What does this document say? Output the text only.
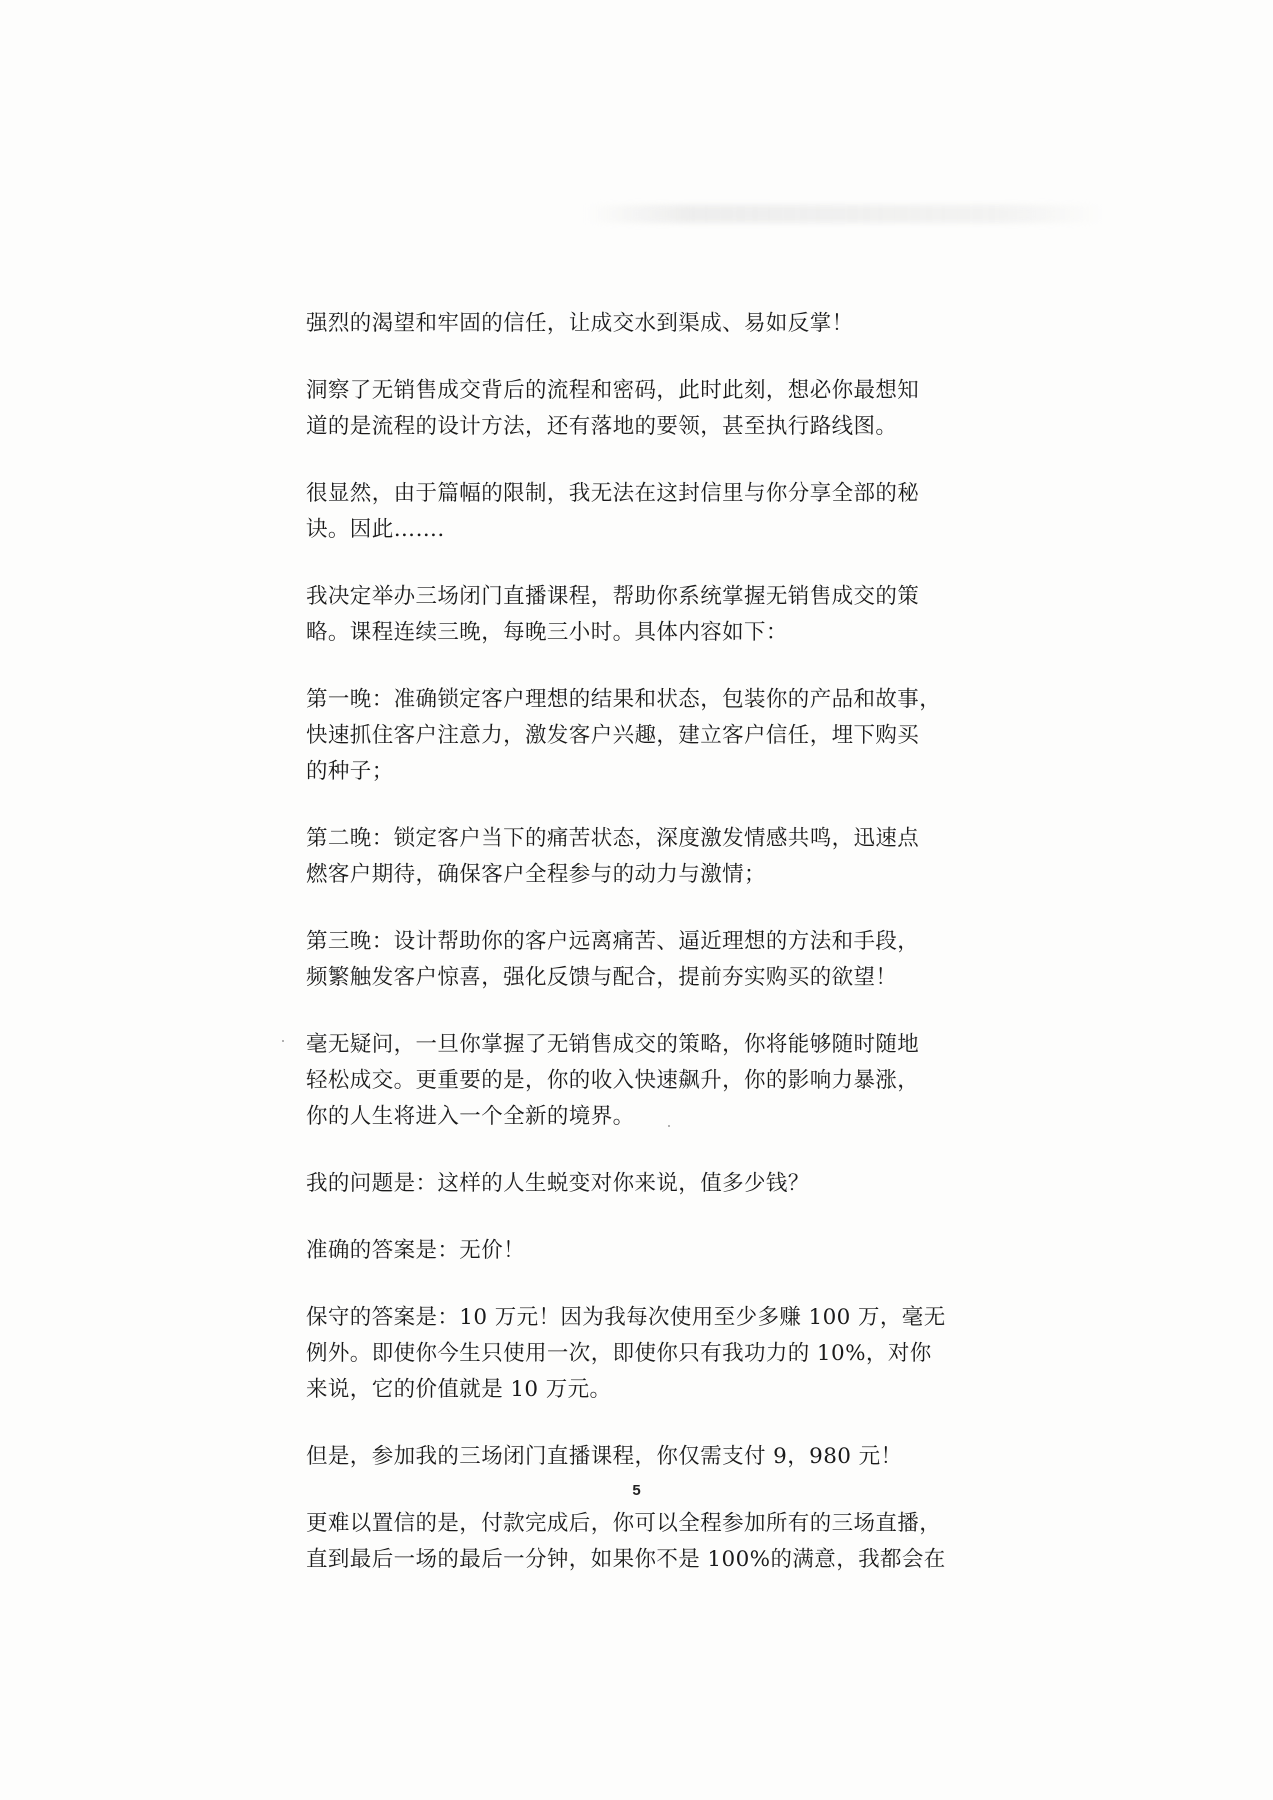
强烈的渴望和牢固的信任，让成交水到渠成、易如反掌！

洞察了无销售成交背后的流程和密码，此时此刻，想必你最想知
道的是流程的设计方法，还有落地的要领，甚至执行路线图。

很显然，由于篇幅的限制，我无法在这封信里与你分享全部的秘
诀。因此…….

我决定举办三场闭门直播课程，帮助你系统掌握无销售成交的策
略。课程连续三晚，每晚三小时。具体内容如下：

第一晚：准确锁定客户理想的结果和状态，包装你的产品和故事，
快速抓住客户注意力，激发客户兴趣，建立客户信任，埋下购买
的种子；

第二晚：锁定客户当下的痛苦状态，深度激发情感共鸣，迅速点
燃客户期待，确保客户全程参与的动力与激情；

第三晚：设计帮助你的客户远离痛苦、逼近理想的方法和手段，
频繁触发客户惊喜，强化反馈与配合，提前夯实购买的欲望！

毫无疑问，一旦你掌握了无销售成交的策略，你将能够随时随地
轻松成交。更重要的是，你的收入快速飙升，你的影响力暴涨，
你的人生将进入一个全新的境界。

我的问题是：这样的人生蜕变对你来说，值多少钱？

准确的答案是：无价！

保守的答案是：10 万元！因为我每次使用至少多赚 100 万，毫无
例外。即使你今生只使用一次，即使你只有我功力的 10%，对你
来说，它的价值就是 10 万元。

但是，参加我的三场闭门直播课程，你仅需支付 9，980 元！

更难以置信的是，付款完成后，你可以全程参加所有的三场直播，
直到最后一场的最后一分钟，如果你不是 100%的满意，我都会在

5
